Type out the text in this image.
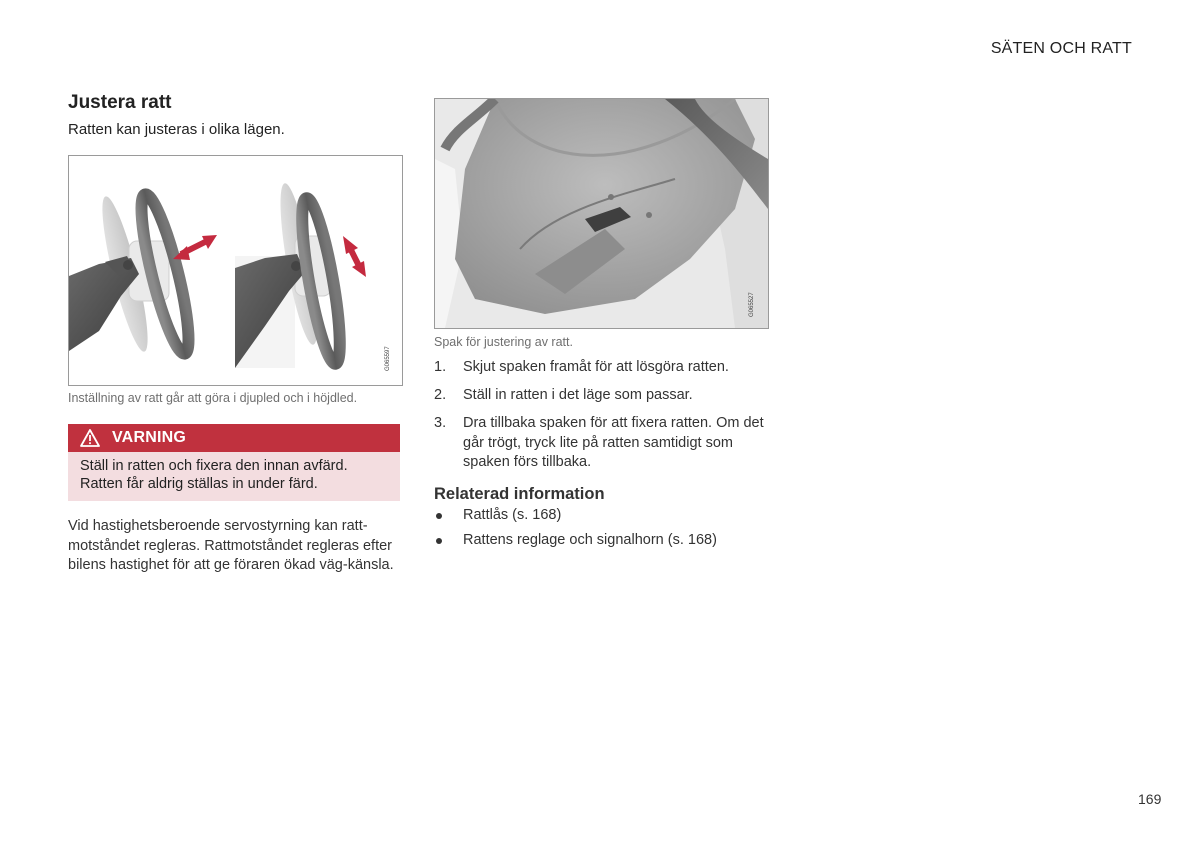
SÄTEN OCH RATT
Justera ratt

Ratten kan justeras i olika lägen.

G065597

Inställning av ratt går att göra i djupled och i höjdled.

VARNING

Ställ in ratten och fixera den innan avfärd. Ratten får aldrig ställas in under färd.

Vid hastighetsberoende servostyrning kan ratt-motståndet regleras. Rattmotståndet regleras efter bilens hastighet för att ge föraren ökad väg-känsla.

G065527

Spak för justering av ratt.

1. Skjut spaken framåt för att lösgöra ratten.
2. Ställ in ratten i det läge som passar.
3. Dra tillbaka spaken för att fixera ratten. Om det går trögt, tryck lite på ratten samtidigt som spaken förs tillbaka.
Relaterad information
Rattlås (s. 168)
Rattens reglage och signalhorn (s. 168)
169
